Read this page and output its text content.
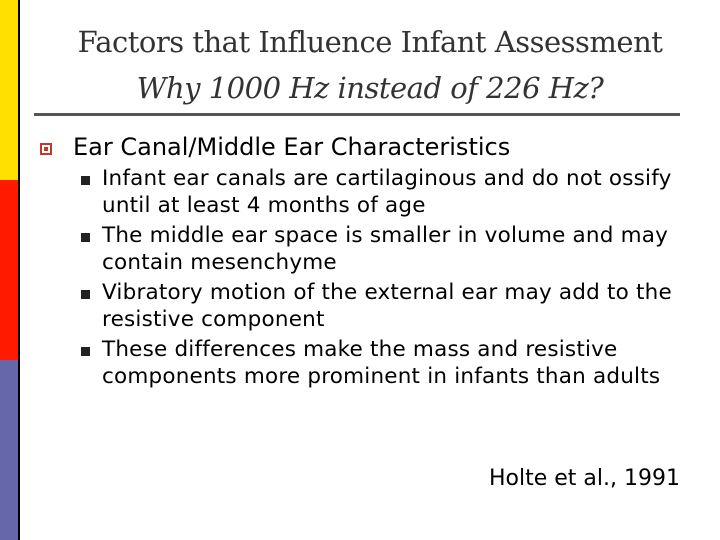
Factors that Influence Infant Assessment
Why 1000 Hz instead of 226 Hz?
Ear Canal/Middle Ear Characteristics
Infant ear canals are cartilaginous and do not ossify until at least 4 months of age
The middle ear space is smaller in volume and may contain mesenchyme
Vibratory motion of the external ear may add to the resistive component
These differences make the mass and resistive components more prominent in infants than adults
Holte et al., 1991
